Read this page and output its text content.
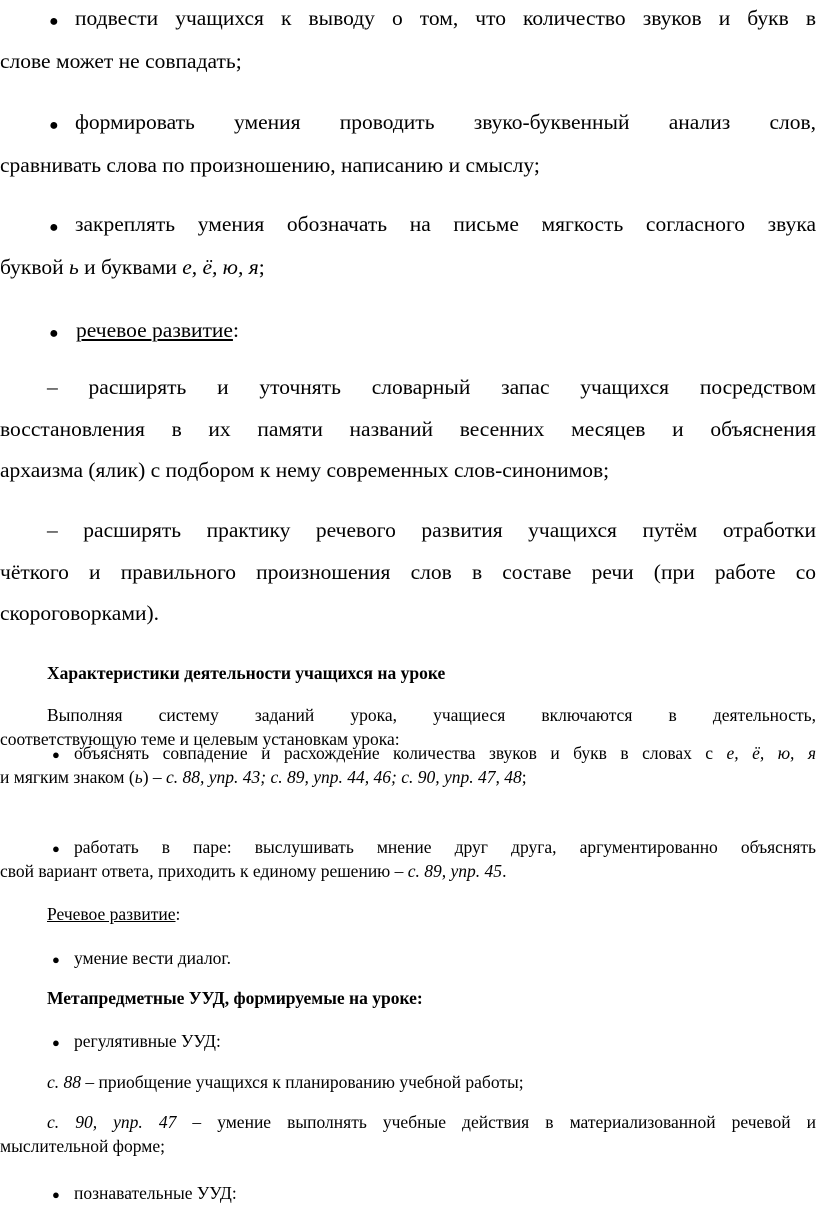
● подвести учащихся к выводу о том, что количество звуков и букв в
слове может не совпадать;
● формировать умения проводить звуко-буквенный анализ слов,
сравнивать слова по произношению, написанию и смыслу;
● закреплять умения обозначать на письме мягкость согласного звука
буквой ь и буквами е, ё, ю, я;
● речевое развитие:
– расширять и уточнять словарный запас учащихся посредством
восстановления в их памяти названий весенних месяцев и объяснения
архаизма (ялик) с подбором к нему современных слов-синонимов;
– расширять практику речевого развития учащихся путём отработки
чёткого и правильного произношения слов в составе речи (при работе со
скороговорками).
Характеристики деятельности учащихся на уроке
Выполняя систему заданий урока, учащиеся включаются в деятельность,
соответствующую теме и целевым установкам урока:
● объяснять совпадение и расхождение количества звуков и букв в словах с е, ё, ю, я
и мягким знаком (ь) – с. 88, упр. 43; с. 89, упр. 44, 46; с. 90, упр. 47, 48;
● работать в паре: выслушивать мнение друг друга, аргументированно объяснять
свой вариант ответа, приходить к единому решению – с. 89, упр. 45.
Речевое развитие:
● умение вести диалог.
Метапредметные УУД, формируемые на уроке:
● регулятивные УУД:
с. 88 – приобщение учащихся к планированию учебной работы;
с. 90, упр. 47 – умение выполнять учебные действия в материализованной речевой и
мыслительной форме;
● познавательные УУД:
